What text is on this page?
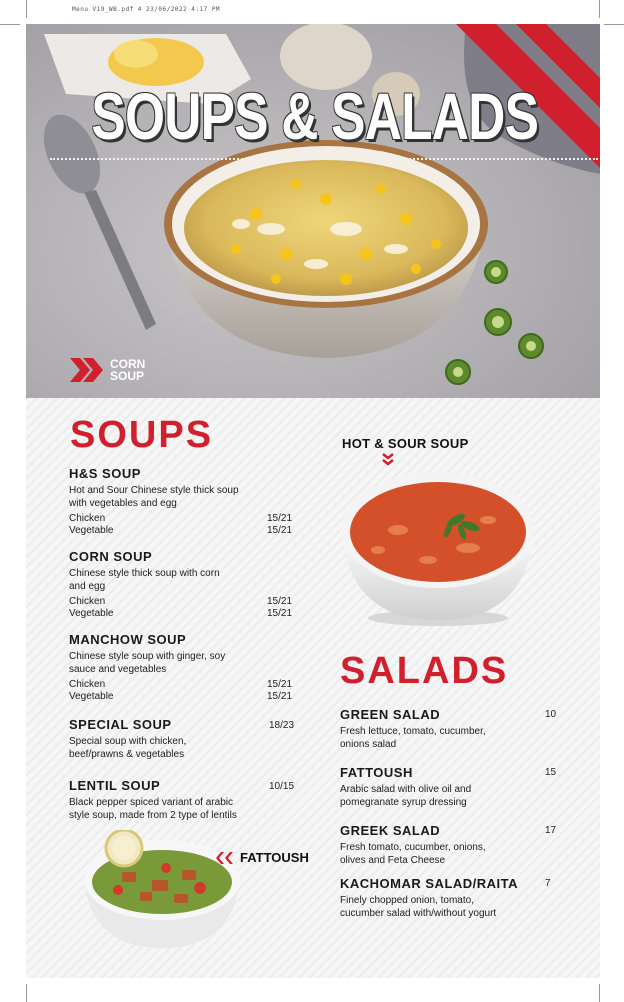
Menu V19_WB.pdf 4 23/06/2022 4:17 PM
SOUPS & SALADS
CORN SOUP
SOUPS
H&S SOUP
Hot and Sour Chinese style thick soup with vegetables and egg
Chicken	15/21
Vegetable	15/21
CORN SOUP
Chinese style thick soup with corn and egg
Chicken	15/21
Vegetable	15/21
MANCHOW SOUP
Chinese style soup with ginger, soy sauce and vegetables
Chicken	15/21
Vegetable	15/21
SPECIAL SOUP
Special soup with chicken, beef/prawns & vegetables
18/23
LENTIL SOUP
Black pepper spiced variant of arabic style soup, made from 2 type of lentils
10/15
HOT & SOUR SOUP
FATTOUSH
SALADS
GREEN SALAD
Fresh lettuce, tomato, cucumber, onions salad
10
FATTOUSH
Arabic salad with olive oil and pomegranate syrup dressing
15
GREEK SALAD
Fresh tomato, cucumber, onions, olives and Feta Cheese
17
KACHOMAR SALAD/RAITA
Finely chopped onion, tomato, cucumber salad with/without yogurt
7
